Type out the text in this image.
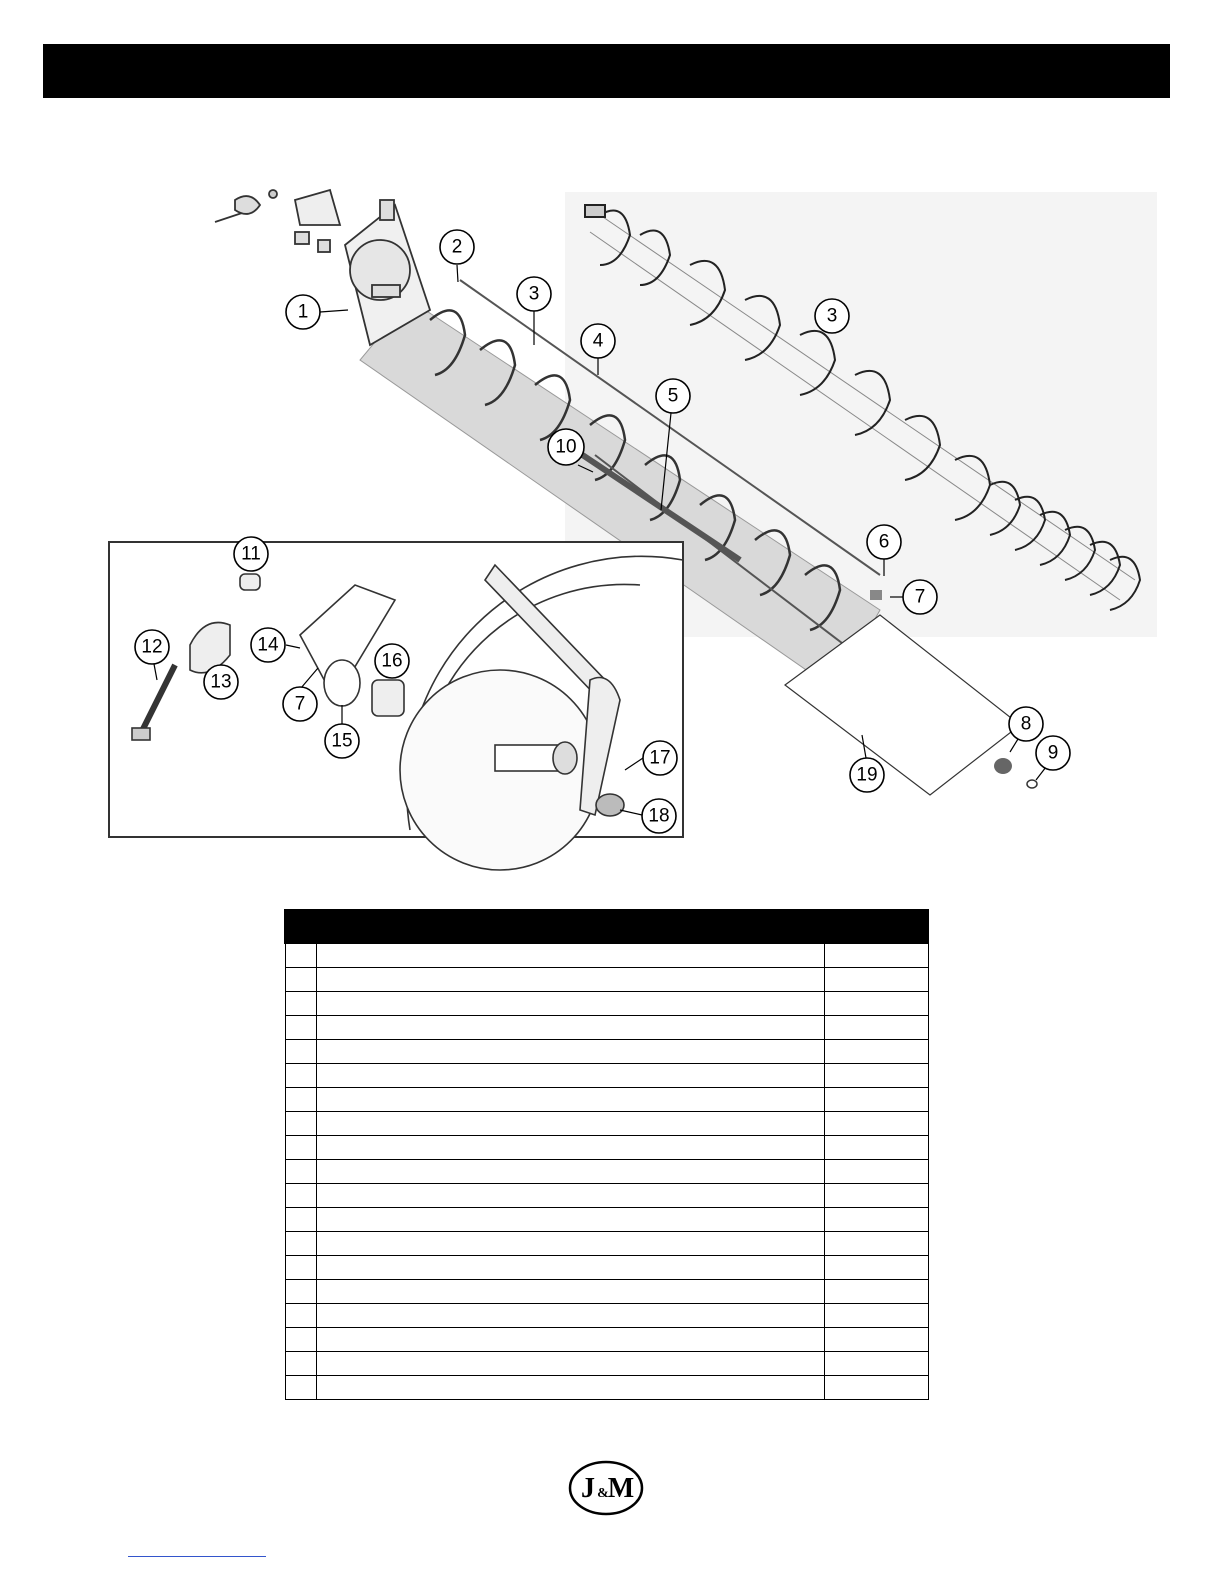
1
2
3
3
4
5
6
7
7
8
9
10
11
12
13
14
15
16
17
18
19

J &
M
